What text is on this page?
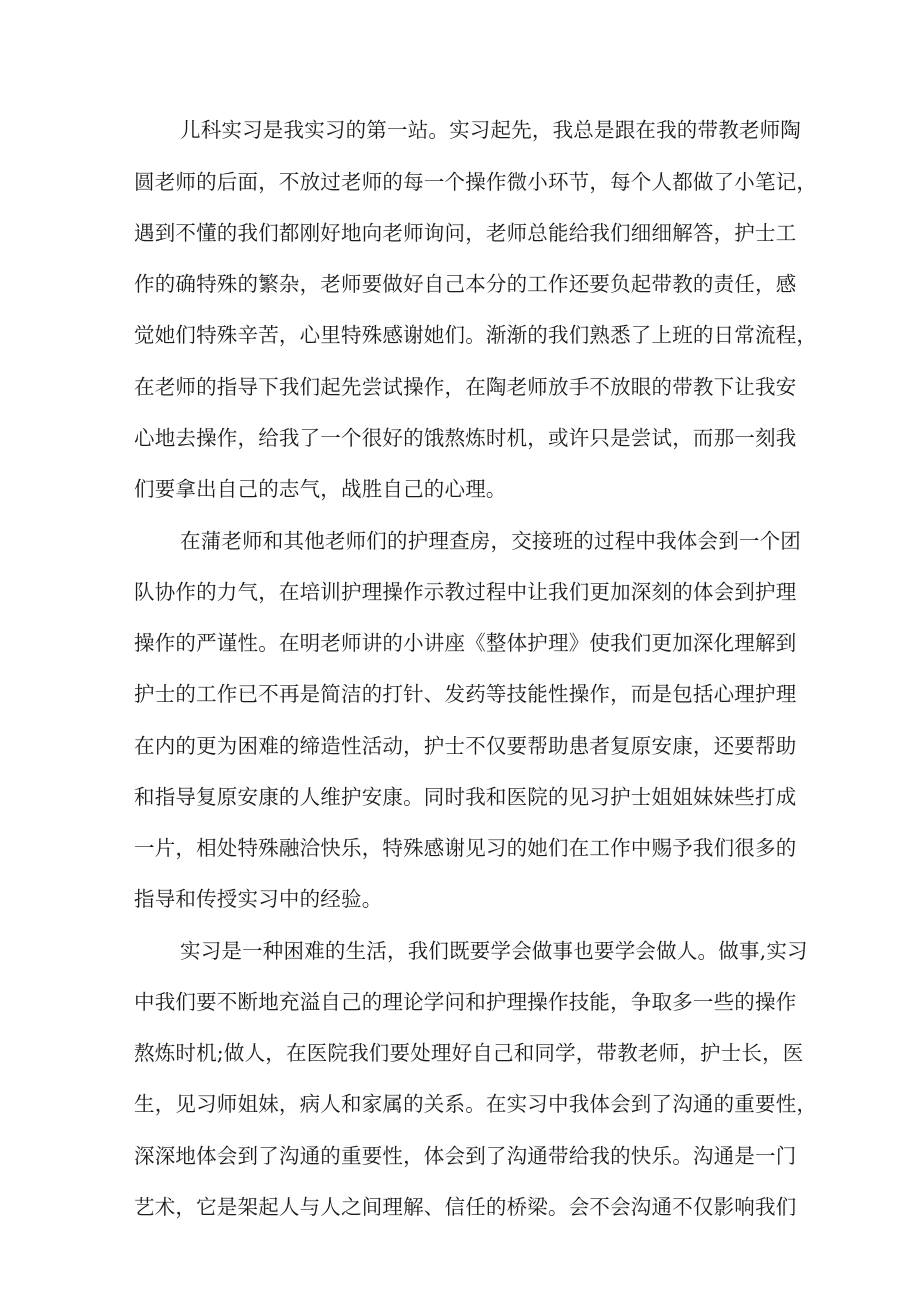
儿科实习是我实习的第一站。实习起先，我总是跟在我的带教老师陶
圆老师的后面，不放过老师的每一个操作微小环节，每个人都做了小笔记，
遇到不懂的我们都刚好地向老师询问，老师总能给我们细细解答，护士工
作的确特殊的繁杂，老师要做好自己本分的工作还要负起带教的责任，感
觉她们特殊辛苦，心里特殊感谢她们。渐渐的我们熟悉了上班的日常流程，
在老师的指导下我们起先尝试操作，在陶老师放手不放眼的带教下让我安
心地去操作，给我了一个很好的饿熬炼时机，或许只是尝试，而那一刻我
们要拿出自己的志气，战胜自己的心理。
在蒲老师和其他老师们的护理查房，交接班的过程中我体会到一个团
队协作的力气，在培训护理操作示教过程中让我们更加深刻的体会到护理
操作的严谨性。在明老师讲的小讲座《整体护理》使我们更加深化理解到
护士的工作已不再是简洁的打针、发药等技能性操作，而是包括心理护理
在内的更为困难的缔造性活动，护士不仅要帮助患者复原安康，还要帮助
和指导复原安康的人维护安康。同时我和医院的见习护士姐姐妹妹些打成
一片，相处特殊融洽快乐，特殊感谢见习的她们在工作中赐予我们很多的
指导和传授实习中的经验。
实习是一种困难的生活，我们既要学会做事也要学会做人。做事,实习
中我们要不断地充溢自己的理论学问和护理操作技能，争取多一些的操作
熬炼时机;做人，在医院我们要处理好自己和同学，带教老师，护士长，医
生，见习师姐妹，病人和家属的关系。在实习中我体会到了沟通的重要性，
深深地体会到了沟通的重要性，体会到了沟通带给我的快乐。沟通是一门
艺术，它是架起人与人之间理解、信任的桥梁。会不会沟通不仅影响我们
